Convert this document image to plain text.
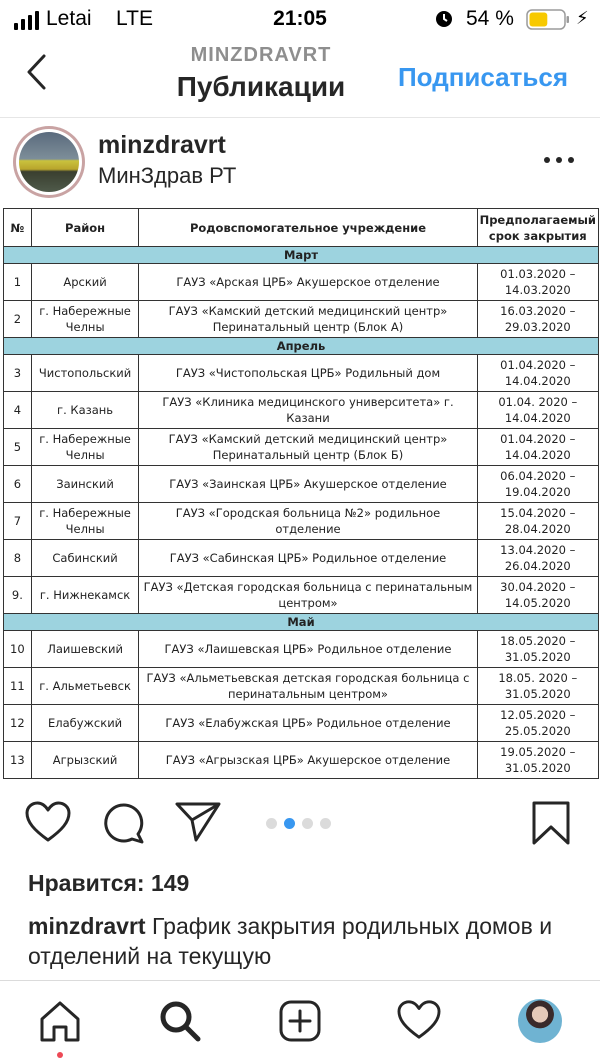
Letai LTE	21:05	54 %	⚡
MINZDRAVRT
Публикации	Подписаться
minzdravrt
МинЗдрав РТ
№	Район	Родовспомогательное учреждение	Предполагаемый срок закрытия
Март			
1	Арский	ГАУЗ «Арская ЦРБ» Акушерское отделение	01.03.2020 – 14.03.2020
2	г. Набережные Челны	ГАУЗ «Камский детский медицинский центр» Перинатальный центр (Блок А)	16.03.2020 – 29.03.2020
Апрель			
3	Чистопольский	ГАУЗ «Чистопольская ЦРБ» Родильный дом	01.04.2020 – 14.04.2020
4	г. Казань	ГАУЗ «Клиника медицинского университета» г. Казани	01.04. 2020 – 14.04.2020
5	г. Набережные Челны	ГАУЗ «Камский детский медицинский центр» Перинатальный центр (Блок Б)	01.04.2020 – 14.04.2020
6	Заинский	ГАУЗ «Заинская ЦРБ» Акушерское отделение	06.04.2020 – 19.04.2020
7	г. Набережные Челны	ГАУЗ «Городская больница №2» родильное отделение	15.04.2020 – 28.04.2020
8	Сабинский	ГАУЗ «Сабинская ЦРБ» Родильное отделение	13.04.2020 – 26.04.2020
9.	г. Нижнекамск	ГАУЗ «Детская городская больница с перинатальным центром»	30.04.2020 – 14.05.2020
Май			
10	Лаишевский	ГАУЗ «Лаишевская ЦРБ» Родильное отделение	18.05.2020 – 31.05.2020
11	г. Альметьевск	ГАУЗ «Альметьевская детская городская больница с перинатальным центром»	18.05. 2020 – 31.05.2020
12	Елабужский	ГАУЗ «Елабужская ЦРБ» Родильное отделение	12.05.2020 – 25.05.2020
13	Агрызский	ГАУЗ «Агрызская ЦРБ» Акушерское отделение	19.05.2020 – 31.05.2020
Нравится: 149
minzdravrt График закрытия родильных домов и отделений на текущую
